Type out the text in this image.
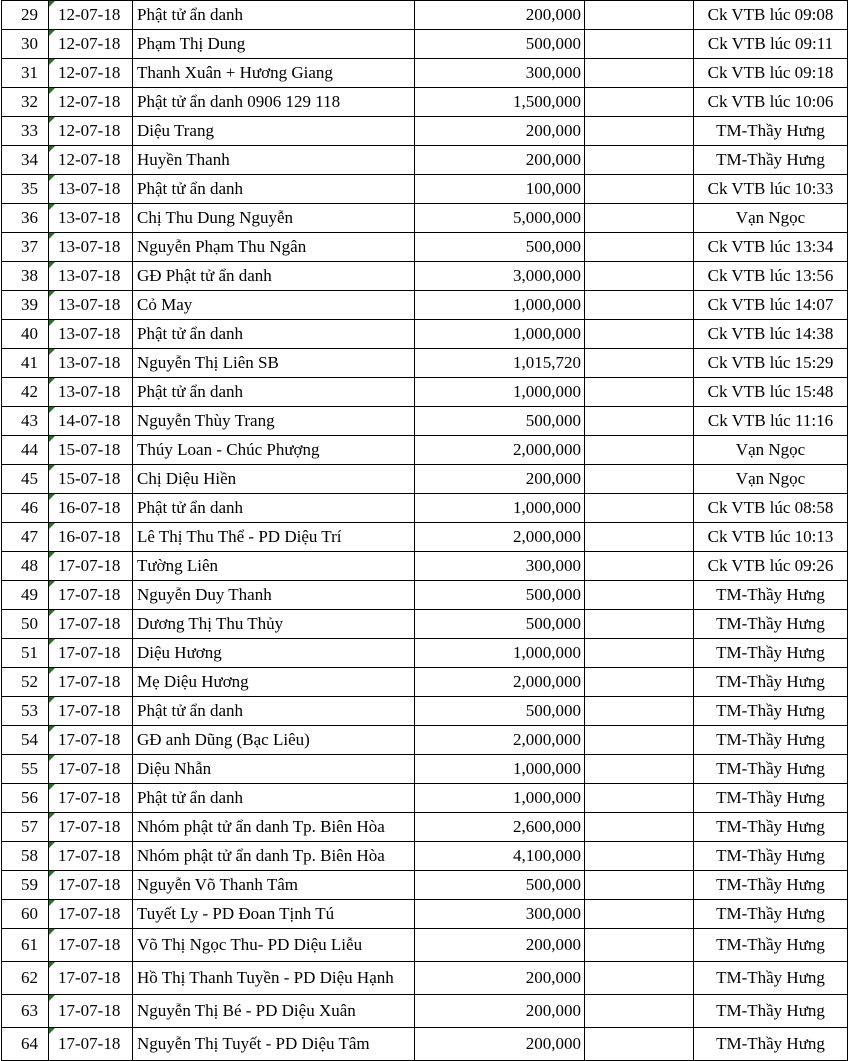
29	12-07-18	Phật tử ẩn danh	200,000		Ck VTB lúc 09:08
30	12-07-18	Phạm Thị Dung	500,000		Ck VTB lúc 09:11
31	12-07-18	Thanh Xuân + Hương Giang	300,000		Ck VTB lúc 09:18
32	12-07-18	Phật tử ẩn danh 0906 129 118	1,500,000		Ck VTB lúc 10:06
33	12-07-18	Diệu Trang	200,000		TM-Thầy Hưng
34	12-07-18	Huyền Thanh	200,000		TM-Thầy Hưng
35	13-07-18	Phật tử ẩn danh	100,000		Ck VTB lúc 10:33
36	13-07-18	Chị Thu Dung Nguyễn	5,000,000		Vạn Ngọc
37	13-07-18	Nguyễn Phạm Thu Ngân	500,000		Ck VTB lúc 13:34
38	13-07-18	GĐ Phật tử ẩn danh	3,000,000		Ck VTB lúc 13:56
39	13-07-18	Cỏ May	1,000,000		Ck VTB lúc 14:07
40	13-07-18	Phật tử ẩn danh	1,000,000		Ck VTB lúc 14:38
41	13-07-18	Nguyễn Thị Liên SB	1,015,720		Ck VTB lúc 15:29
42	13-07-18	Phật tử ẩn danh	1,000,000		Ck VTB lúc 15:48
43	14-07-18	Nguyễn Thùy Trang	500,000		Ck VTB lúc 11:16
44	15-07-18	Thúy Loan - Chúc Phượng	2,000,000		Vạn Ngọc
45	15-07-18	Chị Diệu Hiền	200,000		Vạn Ngọc
46	16-07-18	Phật tử ẩn danh	1,000,000		Ck VTB lúc 08:58
47	16-07-18	Lê Thị Thu Thể - PD Diệu Trí	2,000,000		Ck VTB lúc 10:13
48	17-07-18	Tường Liên	300,000		Ck VTB lúc 09:26
49	17-07-18	Nguyễn Duy Thanh	500,000		TM-Thầy Hưng
50	17-07-18	Dương Thị Thu Thủy	500,000		TM-Thầy Hưng
51	17-07-18	Diệu Hương	1,000,000		TM-Thầy Hưng
52	17-07-18	Mẹ Diệu Hương	2,000,000		TM-Thầy Hưng
53	17-07-18	Phật tử ẩn danh	500,000		TM-Thầy Hưng
54	17-07-18	GĐ anh Dũng (Bạc Liêu)	2,000,000		TM-Thầy Hưng
55	17-07-18	Diệu Nhẫn	1,000,000		TM-Thầy Hưng
56	17-07-18	Phật tử ẩn danh	1,000,000		TM-Thầy Hưng
57	17-07-18	Nhóm phật tử ẩn danh Tp. Biên Hòa	2,600,000		TM-Thầy Hưng
58	17-07-18	Nhóm phật tử ẩn danh Tp. Biên Hòa	4,100,000		TM-Thầy Hưng
59	17-07-18	Nguyễn Võ Thanh Tâm	500,000		TM-Thầy Hưng
60	17-07-18	Tuyết Ly - PD Đoan Tịnh Tú	300,000		TM-Thầy Hưng
61	17-07-18	Võ Thị Ngọc Thu- PD Diệu Liễu	200,000		TM-Thầy Hưng
62	17-07-18	Hồ Thị Thanh Tuyền - PD Diệu Hạnh	200,000		TM-Thầy Hưng
63	17-07-18	Nguyễn Thị Bé - PD Diệu Xuân	200,000		TM-Thầy Hưng
64	17-07-18	Nguyễn Thị Tuyết - PD Diệu Tâm	200,000		TM-Thầy Hưng
